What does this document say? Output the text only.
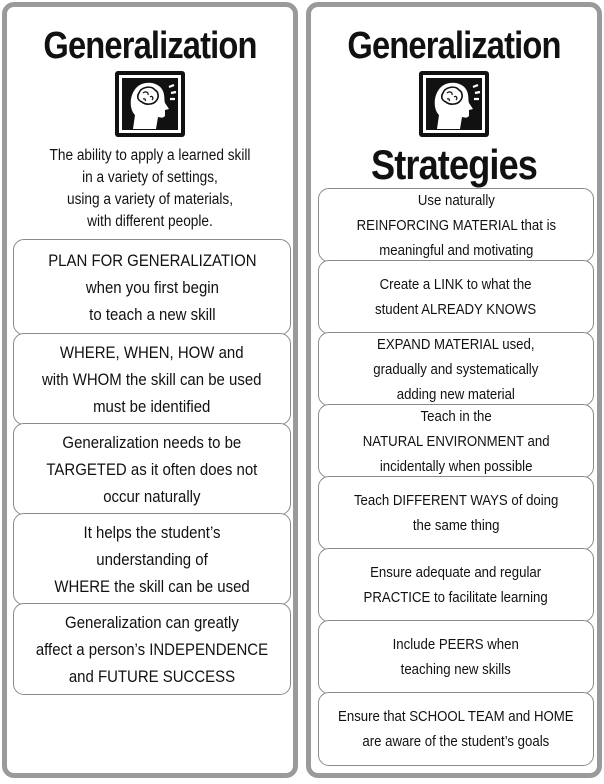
Generalization
The ability to apply a learned skill
in a variety of settings,
using a variety of materials,
with different people.
PLAN FOR GENERALIZATION
when you first begin
to teach a new skill
WHERE, WHEN, HOW and
with WHOM the skill can be used
must be identified
Generalization needs to be
TARGETED as it often does not
occur naturally
It helps the student’s
understanding of
WHERE the skill can be used
Generalization can greatly
affect a person’s INDEPENDENCE
and FUTURE SUCCESS
Generalization
Strategies
Use naturally
REINFORCING MATERIAL that is
meaningful and motivating
Create a LINK to what the
student ALREADY KNOWS
EXPAND MATERIAL used,
gradually and systematically
adding new material
Teach in the
NATURAL ENVIRONMENT and
incidentally when possible
Teach DIFFERENT WAYS of doing
the same thing
Ensure adequate and regular
PRACTICE to facilitate learning
Include PEERS when
teaching new skills
Ensure that SCHOOL TEAM and HOME
are aware of the student’s goals
